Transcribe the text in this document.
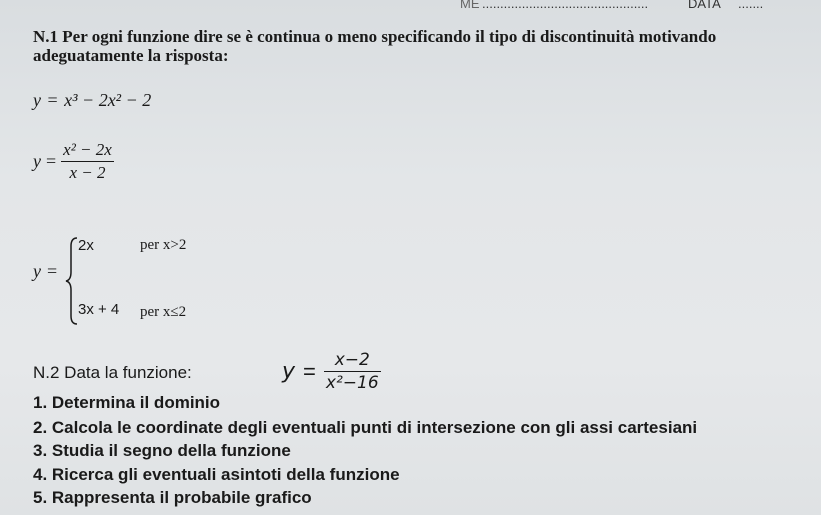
ME ..............................................	DATA .......
N.1 Per ogni funzione dire se è continua o meno specificando il tipo di discontinuità motivando
adeguatamente la risposta:
y = x³ − 2x² − 2
$y = \frac{\text{x² − 2x}}{x - 2}$
y =
2x	per x>2
3x + 4 per x≤2
N.2 Data la funzione:	$y = \frac{x-2}{\text{x²−16}}$
1. Determina il dominio
2. Calcola le coordinate degli eventuali punti di intersezione con gli assi cartesiani
3. Studia il segno della funzione
4. Ricerca gli eventuali asintoti della funzione
5. Rappresenta il probabile grafico
